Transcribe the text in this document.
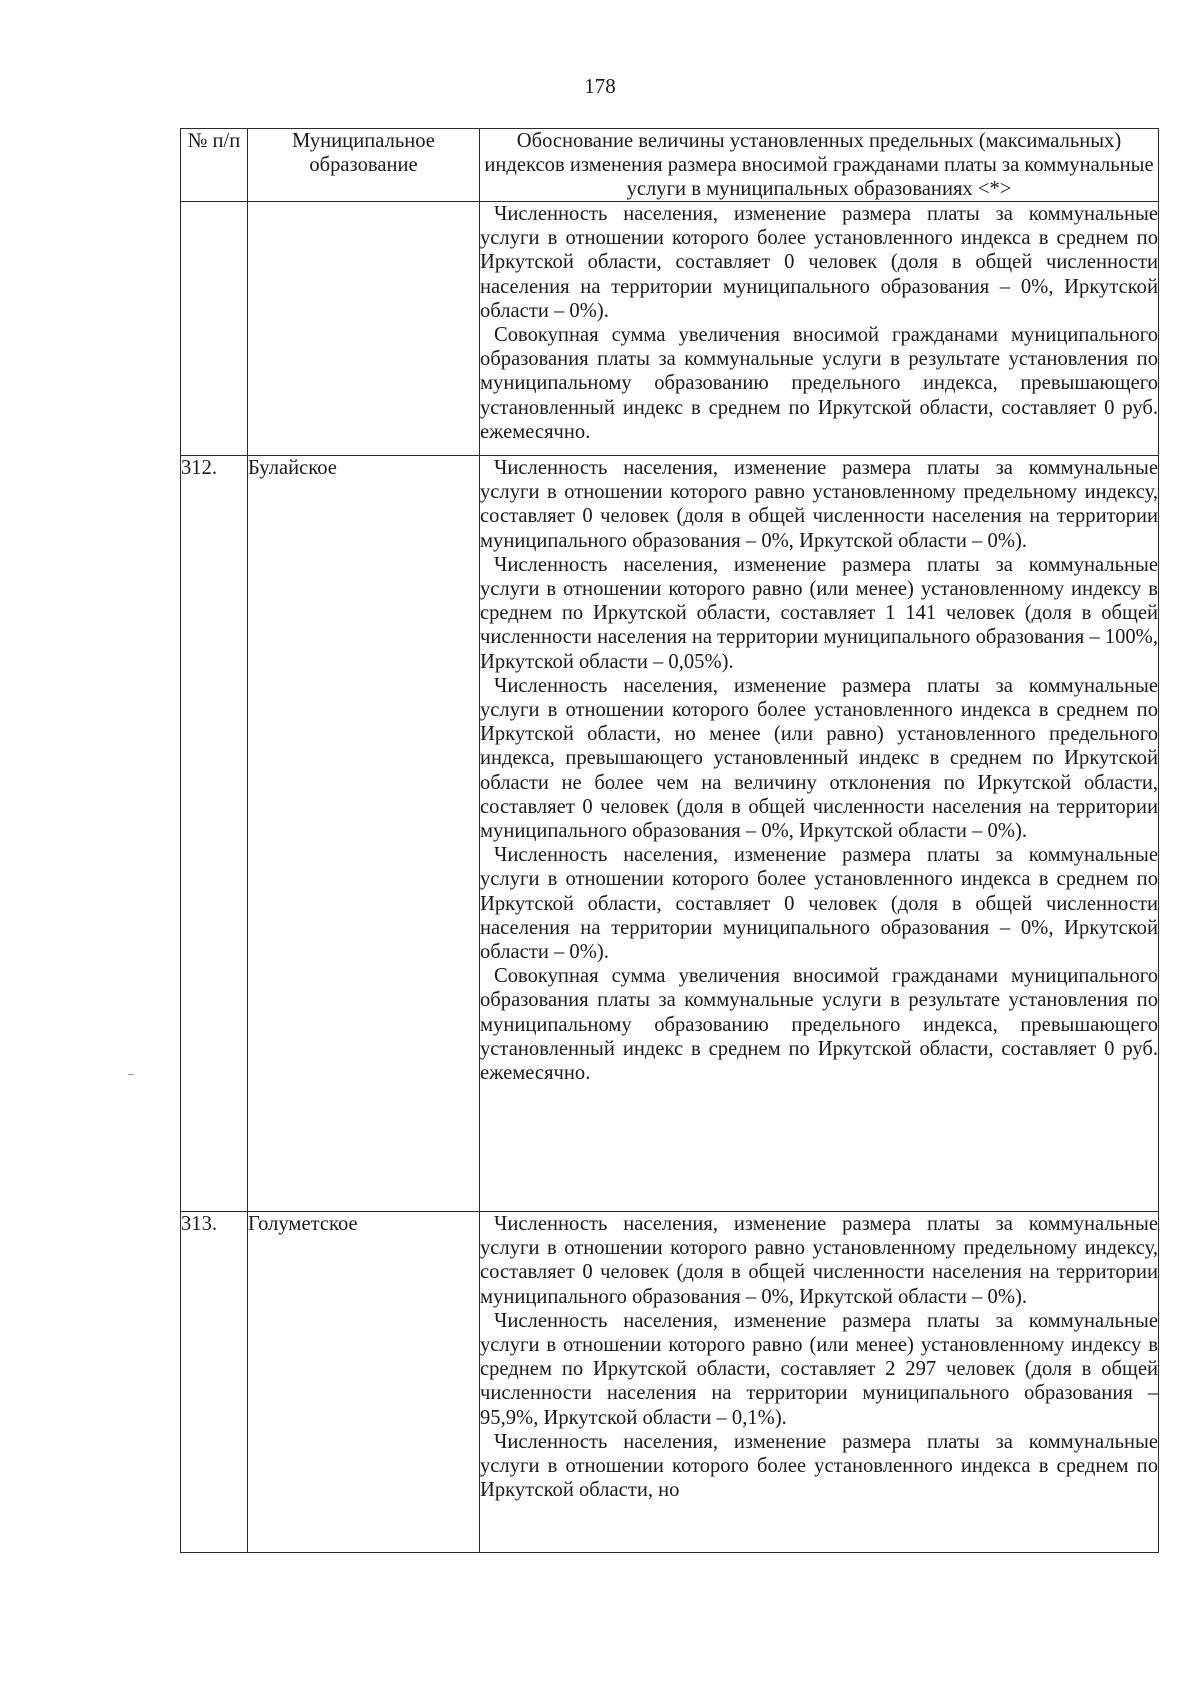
178
№ п/п	Муниципальное образование	Обоснование величины установленных предельных (максимальных) индексов изменения размера вносимой гражданами платы за коммунальные услуги в муниципальных образованиях <*>

		Численность населения, изменение размера платы за коммунальные услуги в отношении которого более установленного индекса в среднем по Иркутской области, составляет 0 человек (доля в общей численности населения на территории муниципального образования – 0%, Иркутской области – 0%).

Совокупная сумма увеличения вносимой гражданами муниципального образования платы за коммунальные услуги в результате установления по муниципальному образованию предельного индекса, превышающего установленный индекс в среднем по Иркутской области, составляет 0 руб. ежемесячно.

312.	Булайское	Численность населения, изменение размера платы за коммунальные услуги в отношении которого равно установленному предельному индексу, составляет 0 человек (доля в общей численности населения на территории муниципального образования – 0%, Иркутской области – 0%).

Численность населения, изменение размера платы за коммунальные услуги в отношении которого равно (или менее) установленному индексу в среднем по Иркутской области, составляет 1 141 человек (доля в общей численности населения на территории муниципального образования – 100%, Иркутской области – 0,05%).

Численность населения, изменение размера платы за коммунальные услуги в отношении которого более установленного индекса в среднем по Иркутской области, но менее (или равно) установленного предельного индекса, превышающего установленный индекс в среднем по Иркутской области не более чем на величину отклонения по Иркутской области, составляет 0 человек (доля в общей численности населения на территории муниципального образования – 0%, Иркутской области – 0%).

Численность населения, изменение размера платы за коммунальные услуги в отношении которого более установленного индекса в среднем по Иркутской области, составляет 0 человек (доля в общей численности населения на территории муниципального образования – 0%, Иркутской области – 0%).

Совокупная сумма увеличения вносимой гражданами муниципального образования платы за коммунальные услуги в результате установления по муниципальному образованию предельного индекса, превышающего установленный индекс в среднем по Иркутской области, составляет 0 руб. ежемесячно.

313.	Голуметское	Численность населения, изменение размера платы за коммунальные услуги в отношении которого равно установленному предельному индексу, составляет 0 человек (доля в общей численности населения на территории муниципального образования – 0%, Иркутской области – 0%).

Численность населения, изменение размера платы за коммунальные услуги в отношении которого равно (или менее) установленному индексу в среднем по Иркутской области, составляет 2 297 человек (доля в общей численности населения на территории муниципального образования – 95,9%, Иркутской области – 0,1%).

Численность населения, изменение размера платы за коммунальные услуги в отношении которого более установленного индекса в среднем по Иркутской области, но
